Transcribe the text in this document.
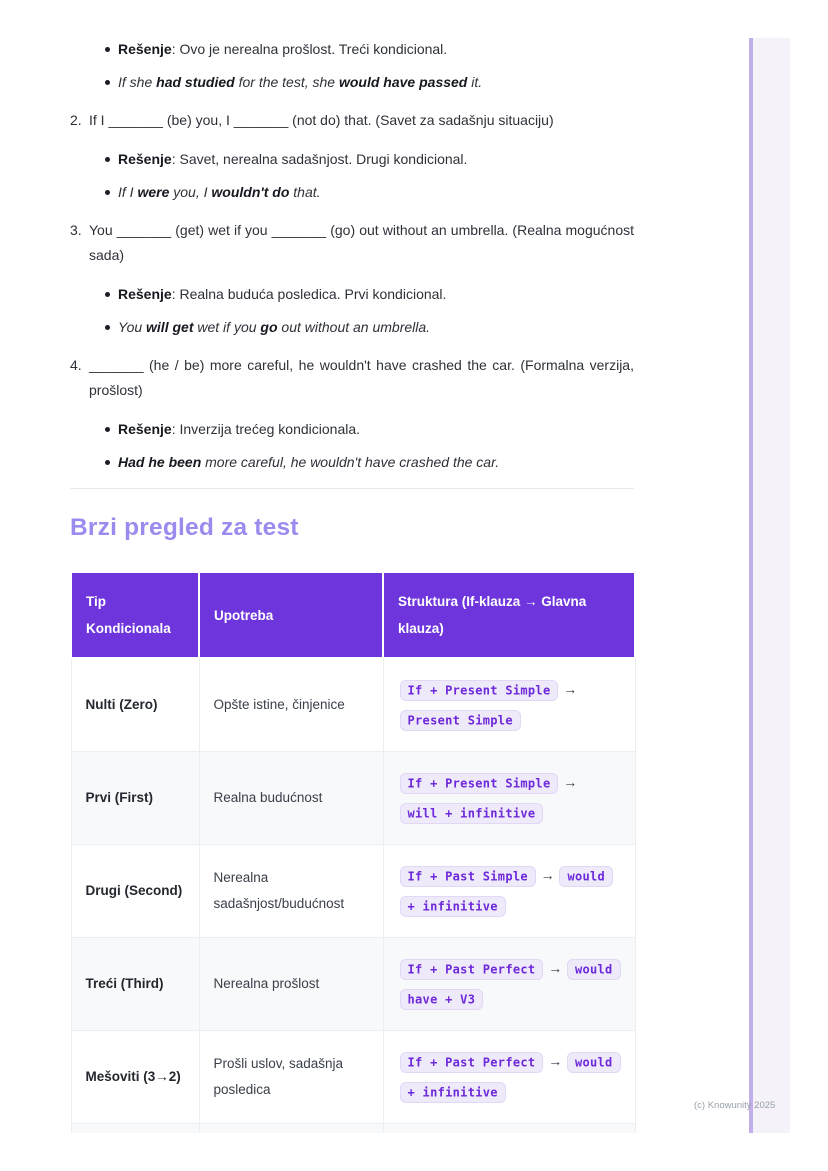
Rešenje: Ovo je nerealna prošlost. Treći kondicional.
If she had studied for the test, she would have passed it.
2. If I _______ (be) you, I _______ (not do) that. (Savet za sadašnju situaciju)
Rešenje: Savet, nerealna sadašnjost. Drugi kondicional.
If I were you, I wouldn't do that.
3. You _______ (get) wet if you _______ (go) out without an umbrella. (Realna mogućnost sada)
Rešenje: Realna buduća posledica. Prvi kondicional.
You will get wet if you go out without an umbrella.
4. _______ (he / be) more careful, he wouldn't have crashed the car. (Formalna verzija, prošlost)
Rešenje: Inverzija trećeg kondicionala.
Had he been more careful, he wouldn't have crashed the car.
Brzi pregled za test
Tip Kondicionala	Upotreba	Struktura (If-klauza → Glavna klauza)
Nulti (Zero)	Opšte istine, činjenice	If + Present Simple → Present Simple
Prvi (First)	Realna budućnost	If + Present Simple → will + infinitive
Drugi (Second)	Nerealna sadašnjost/budućnost	If + Past Simple → would + infinitive
Treći (Third)	Nerealna prošlost	If + Past Perfect → would have + V3
Mešoviti (3→2)	Prošli uslov, sadašnja posledica	If + Past Perfect → would + infinitive

(c) Knowunity 2025
